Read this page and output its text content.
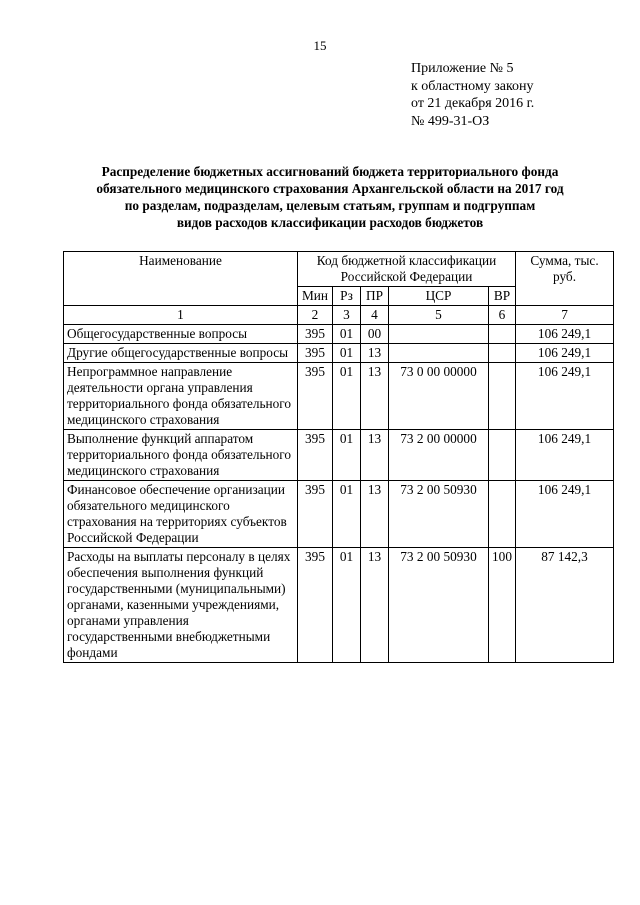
15
Приложение № 5
к областному закону
от 21 декабря 2016 г.
№ 499-31-ОЗ
Распределение бюджетных ассигнований бюджета территориального фонда
обязательного медицинского страхования Архангельской области на 2017 год
по разделам, подразделам, целевым статьям, группам и подгруппам
видов расходов классификации расходов бюджетов
Наименование	Код бюджетной классификации Российской Федерации					Сумма, тыс. руб.
	Мин	Рз	ПР	ЦСР	ВР	
1	2	3	4	5	6	7
Общегосударственные вопросы	395	01	00			106 249,1
Другие общегосударственные вопросы	395	01	13			106 249,1
Непрограммное направление деятельности органа управления территориального фонда обязательного медицинского страхования	395	01	13	73 0 00 00000		106 249,1
Выполнение функций аппаратом территориального фонда обязательного медицинского страхования	395	01	13	73 2 00 00000		106 249,1
Финансовое обеспечение организации обязательного медицинского страхования на территориях субъектов Российской Федерации	395	01	13	73 2 00 50930		106 249,1
Расходы на выплаты персоналу в целях обеспечения выполнения функций государственными (муниципальными) органами, казенными учреждениями, органами управления государственными внебюджетными фондами	395	01	13	73 2 00 50930	100	87 142,3
